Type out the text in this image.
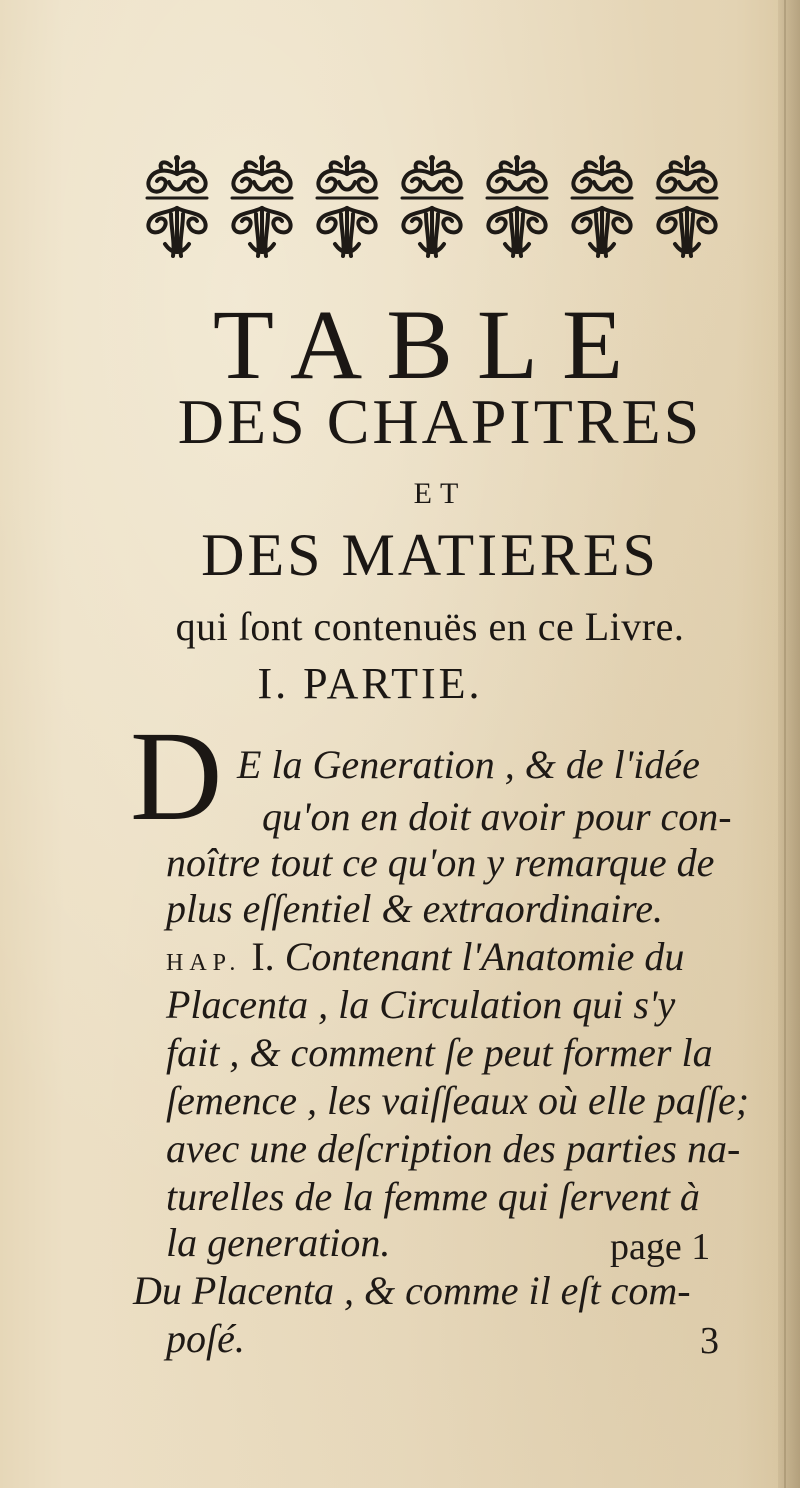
TABLE
DES CHAPITRES
ET
DES MATIERES
qui ſont contenuës en ce Livre.
I. PARTIE.
D E la Generation , & de l'idée
qu'on en doit avoir pour con-
noître tout ce qu'on y remarque de
plus eſſentiel & extraordinaire.
HAP. I. Contenant l'Anatomie du
Placenta , la Circulation qui s'y
fait , & comment ſe peut former la
ſemence , les vaiſſeaux où elle paſſe;
avec une deſcription des parties na-
turelles de la femme qui ſervent à
la generation.	page 1
Du Placenta , & comme il eſt com-
poſé.	3
